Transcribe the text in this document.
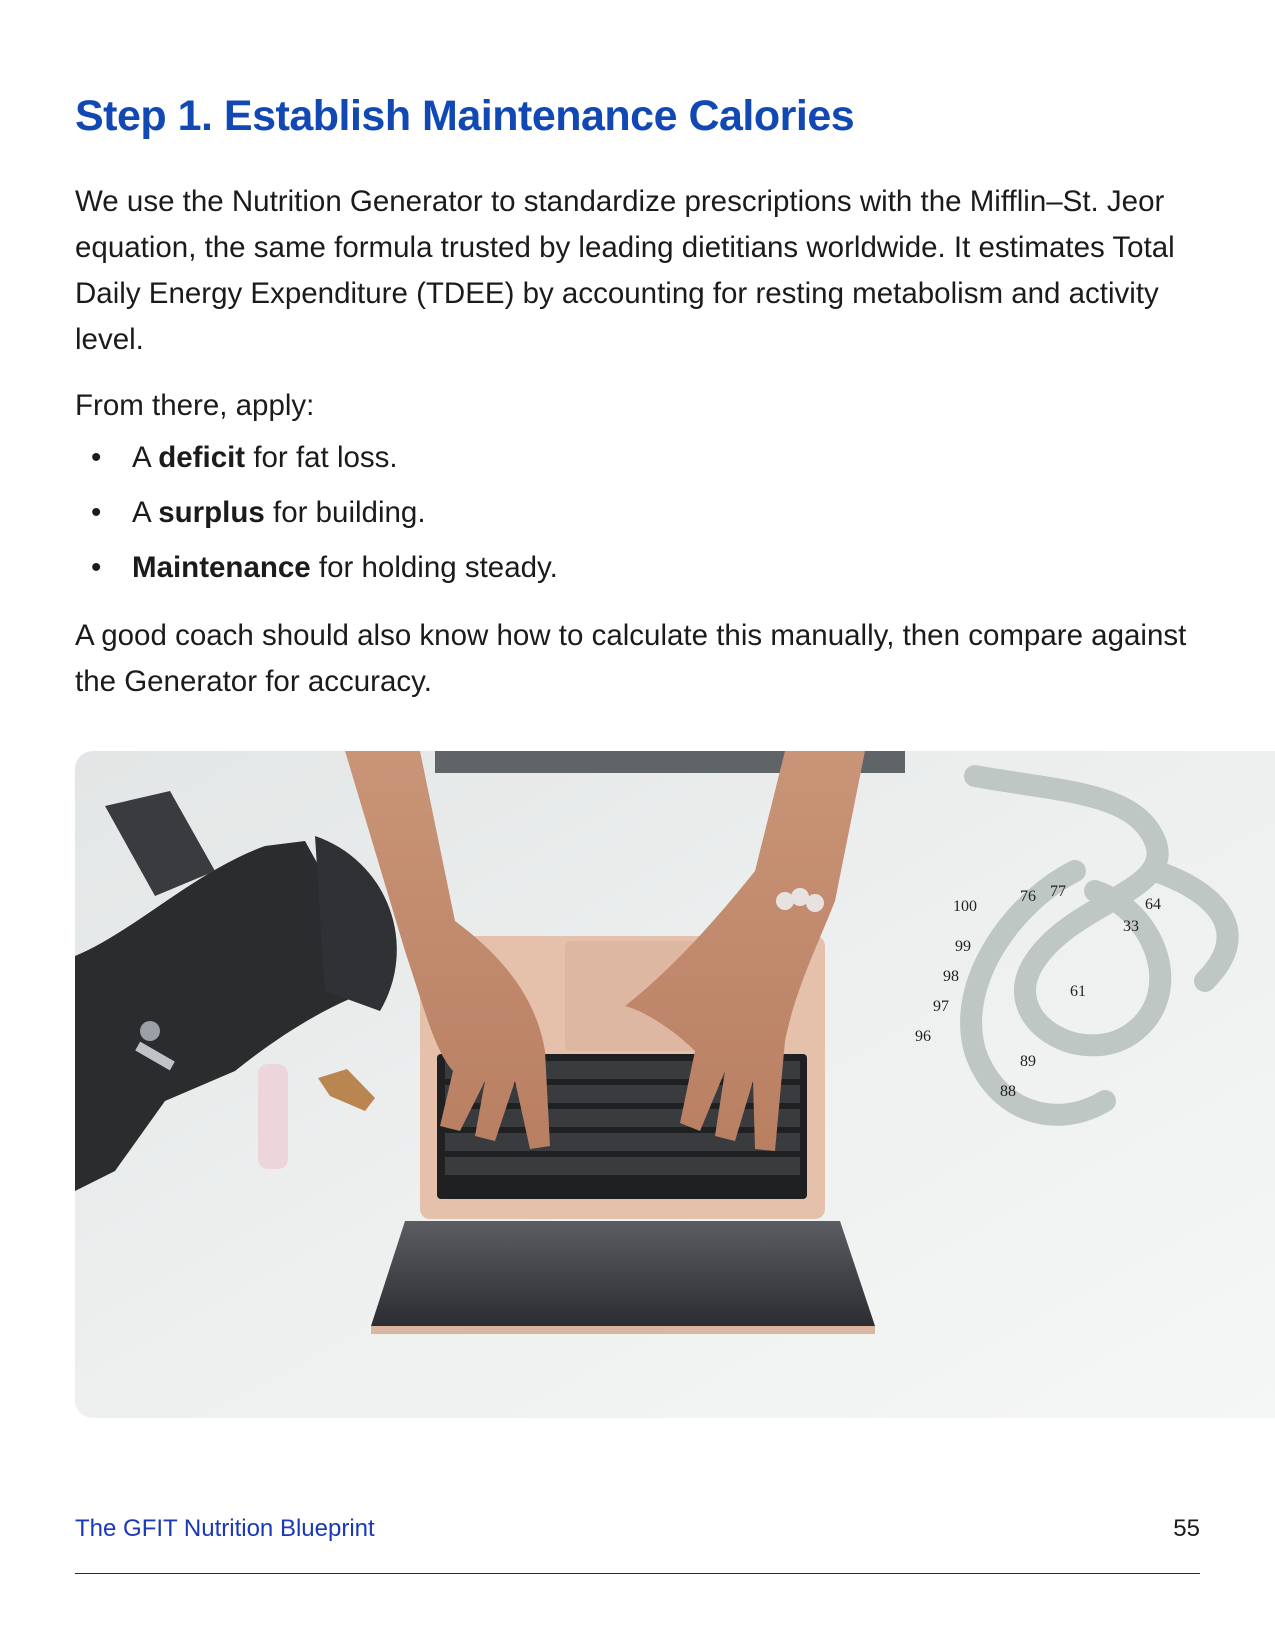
Step 1. Establish Maintenance Calories

We use the Nutrition Generator to standardize prescriptions with the Mifflin–St. Jeor equation, the same formula trusted by leading dietitians worldwide. It estimates Total Daily Energy Expenditure (TDEE) by accounting for resting metabolism and activity level.

From there, apply:

• A deficit for fat loss.
• A surplus for building.
• Maintenance for holding steady.

A good coach should also know how to calculate this manually, then compare against the Generator for accuracy.

76 77
33
64
61
99
100
96
97
98
88
89
The GFIT Nutrition Blueprint	55
